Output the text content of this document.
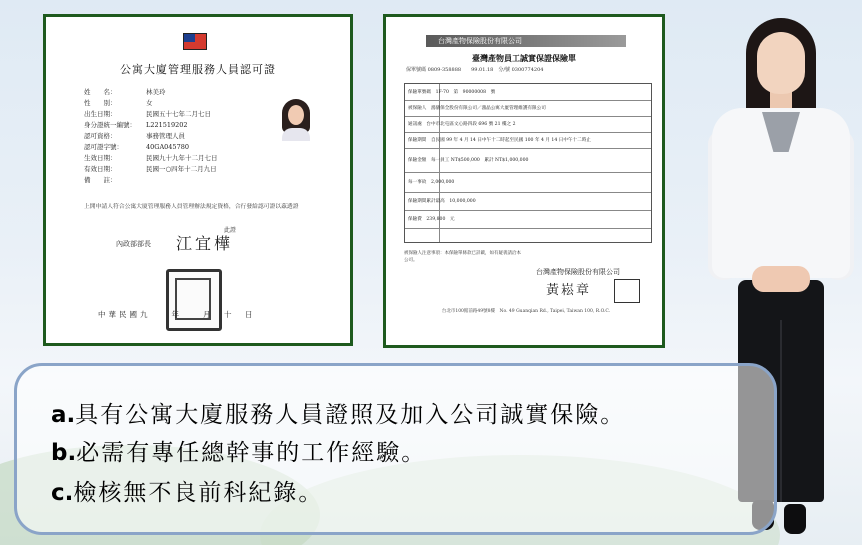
公寓大廈管理服務人員認可證
姓　　名：	林美玲
性　　別：	女
出生日期：	民國五十七年二月七日
身分證統一編號：	L221519202
認可資格：	事務管理人員
認可證字號：	40GA045780
生效日期：	民國九十九年十二月七日
有效日期：	民國一○四年十二月九日
備　　註：
上開申請人符合公寓大廈管理服務人員管理辦法規定資格，合行發給認可證以茲透證
此證
內政部部長 江宜樺
中華民國九　　年　　月　十　日
台灣產物保險股份有限公司
臺灣產物員工誠實保證保險單
保單號碼 0809-358888　　99.01.18　分/號 0300774204
保險單號碼　1F-70　第　90000008　號
被保險人　鴻儀保全股份有限公司／鴻晶公寓大廈管理維護有限公司
通訊處　台中市北屯區文心路四段 696 號 21 樓之 2
保險期間　自民國 99 年 4 月 14 日中午十二時起至民國 100 年 4 月 14 日中午十二時止
保險金額　每一員工 NT$500,000　累計 NT$1,000,000
每一事故　2,000,000
保險期間累計最高　10,000,000
保險費　239,800　元
被保險人注意事項：本保險單條款已詳載，如有疑義請洽本公司。
台灣產物保險股份有限公司
黃崧章
台北市100館前路49號8樓　No. 49 Guanqian Rd., Taipei, Taiwan 100, R.O.C.
a.具有公寓大廈服務人員證照及加入公司誠實保險。
b.必需有專任總幹事的工作經驗。
c.檢核無不良前科紀錄。
